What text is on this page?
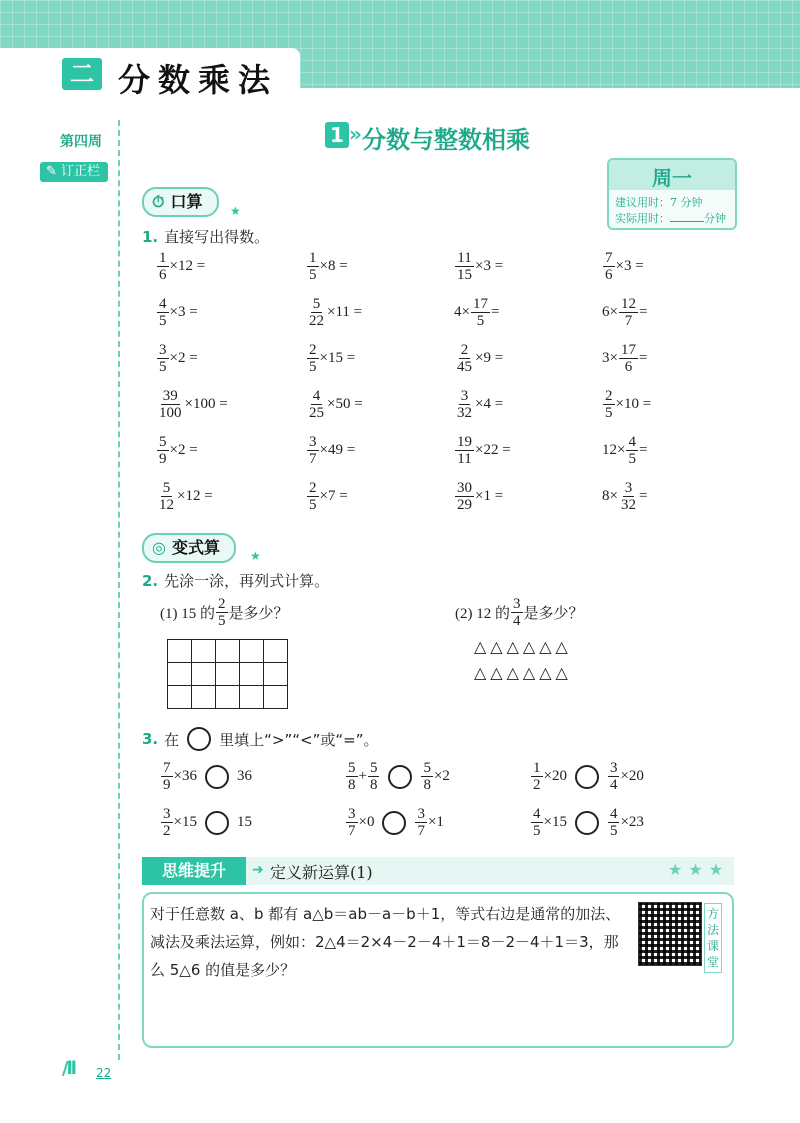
二 分数乘法
第四周
✎ 订正栏
1 » 分数与整数相乘
周一
建议用时：7 分钟
实际用时：	分钟
⏱ 口算	★
1. 直接写出得数。
$\frac{1}{6} \times 12$ =	$\frac{1}{5} \times 8$ =	$\frac{11}{15} \times 3$ =	$\frac{7}{6} \times 3$ =
$\frac{4}{5} \times 3$ =	$\frac{5}{22} \times 11$ =	$4\times \frac{17}{5}$ =	$6\times \frac{12}{7}$ =
$\frac{3}{5} \times 2$ =	$\frac{2}{5} \times 15$ =	$\frac{2}{45} \times 9$ =	$3\times \frac{17}{6}$ =
$\frac{39}{100} \times 100$ =	$\frac{4}{25} \times 50$ =	$\frac{3}{32} \times 4$ =	$\frac{2}{5} \times 10$ =
$\frac{5}{9} \times 2$ =	$\frac{3}{7} \times 49$ =	$\frac{19}{11} \times 22$ =	$12\times \frac{4}{5}$ =
$\frac{5}{12} \times 12$ =	$\frac{2}{5} \times 7$ =	$\frac{30}{29} \times 1$ =	$8\times \frac{3}{32}$ =
◎ 变式算	★
2. 先涂一涂，再列式计算。
(1) 15 的 $\frac{2}{5}$ 是多少？

					(2) 12 的 $\frac{3}{4}$ 是多少？
△△△△△△
△△△△△△
3. 在	里填上“>”“<”或“=”。
$\frac{7}{9} \times 36$	36	$\frac{5}{8} + \frac{5}{8}$	$\frac{5}{8} \times 2$	$\frac{1}{2} \times 20$	$\frac{3}{4} \times 20$
$\frac{3}{2} \times 15$	15	$\frac{3}{7} \times 0$	$\frac{3}{7} \times 1$	$\frac{4}{5} \times 15$	$\frac{4}{5} \times 23$
思维提升	➜ 定义新运算(1)	★★★
对于任意数 a、b 都有 a△b＝ab－a－b＋1，等式右边是通常的加法、减法及乘法运算，例如：2△4＝2×4－2－4＋1＝8－2－4＋1＝3，那么 5△6 的值是多少？
方法课堂
/ll 22
